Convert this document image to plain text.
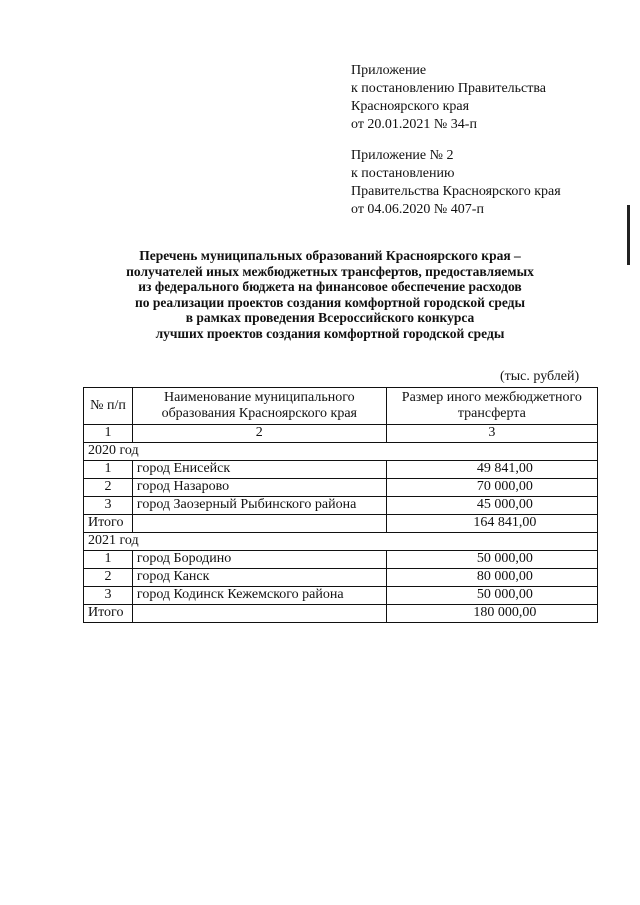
Приложение
к постановлению Правительства
Красноярского края
от 20.01.2021 № 34-п
Приложение № 2
к постановлению
Правительства Красноярского края
от 04.06.2020 № 407-п
Перечень муниципальных образований Красноярского края –
получателей иных межбюджетных трансфертов, предоставляемых
из федерального бюджета на финансовое обеспечение расходов
по реализации проектов создания комфортной городской среды
в рамках проведения Всероссийского конкурса
лучших проектов создания комфортной городской среды
(тыс. рублей)
№ п/п	Наименование муниципального образования Красноярского края	Размер иного межбюджетного трансферта
1	2	3
2020 год		
1	город Енисейск	49 841,00
2	город Назарово	70 000,00
3	город Заозерный Рыбинского района	45 000,00
Итого		164 841,00
2021 год		
1	город Бородино	50 000,00
2	город Канск	80 000,00
3	город Кодинск Кежемского района	50 000,00
Итого		180 000,00
